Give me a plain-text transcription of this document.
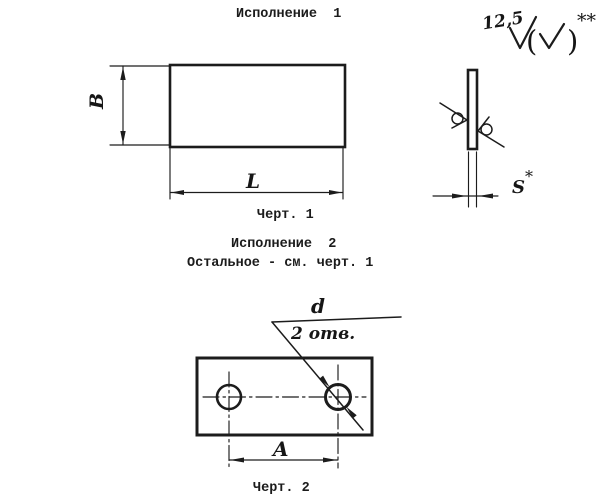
Исполнение  1
Черт. 1
Исполнение  2
Остальное - см. черт. 1
Черт. 2
12,5
( )
**
B
L	S
*
d
2 отв.
A
